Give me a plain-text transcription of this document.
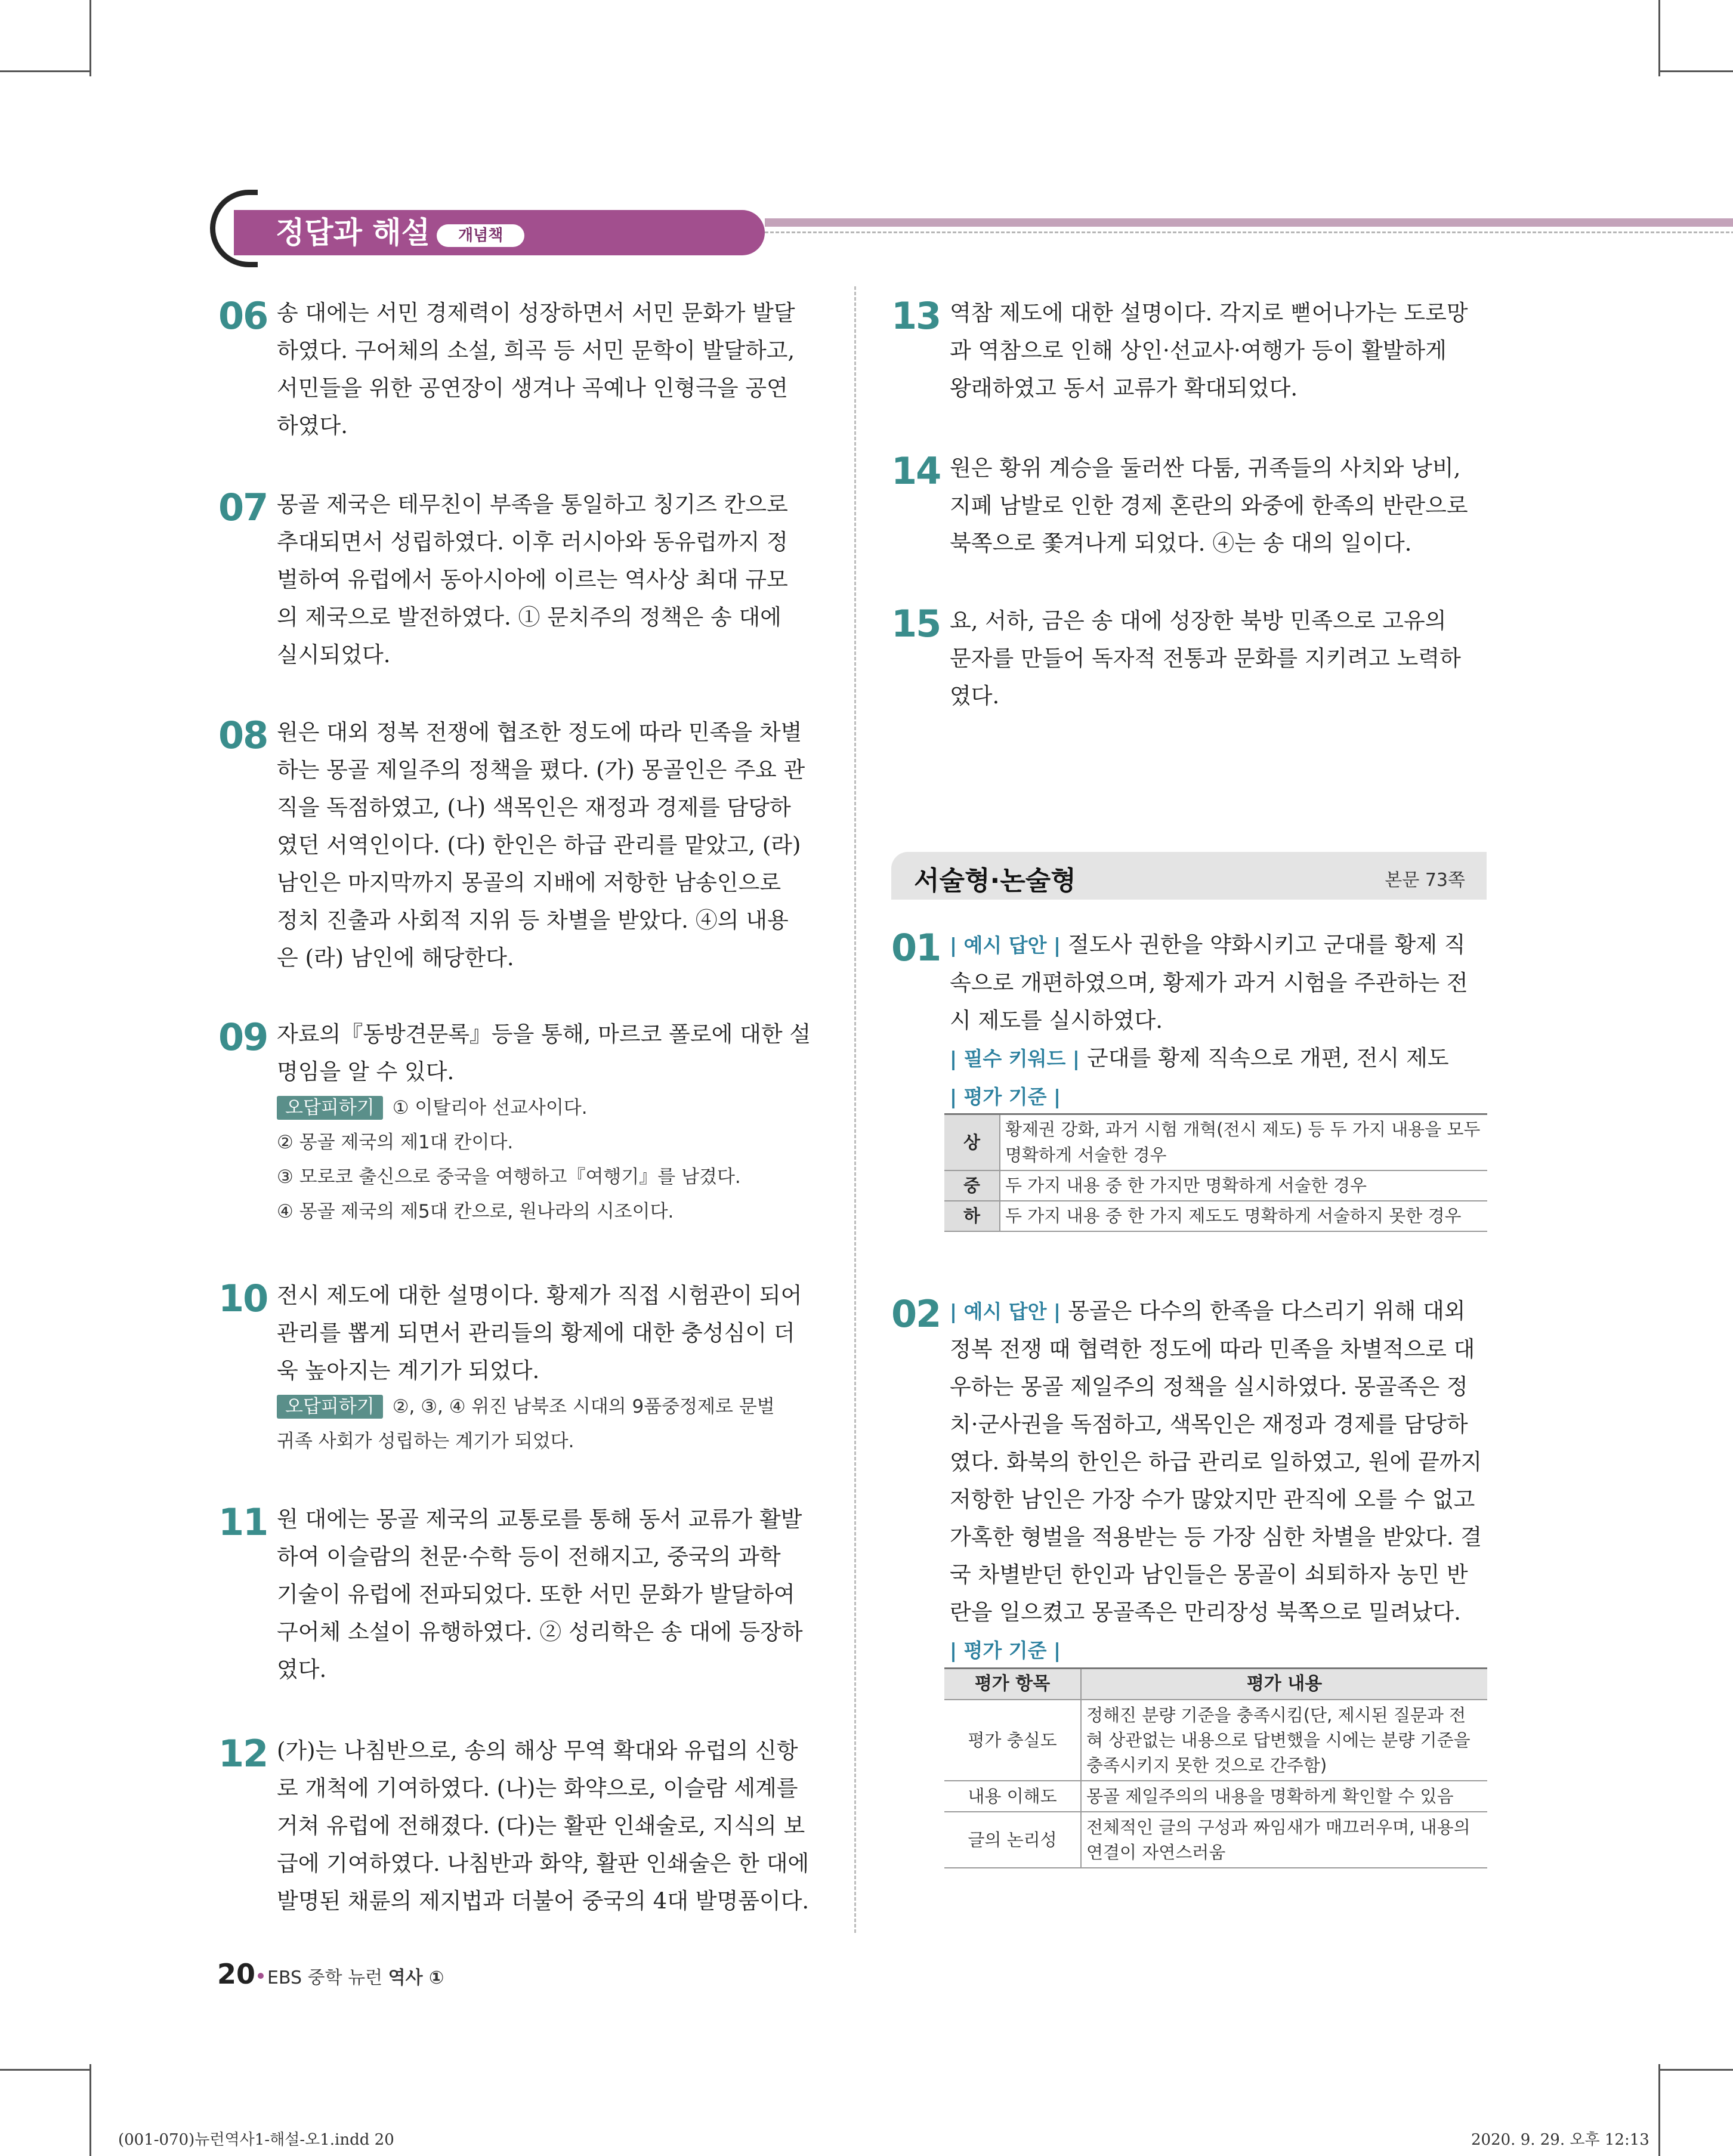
정답과 해설	개념책
06 송 대에는 서민 경제력이 성장하면서 서민 문화가 발달
하였다. 구어체의 소설, 희곡 등 서민 문학이 발달하고,
서민들을 위한 공연장이 생겨나 곡예나 인형극을 공연
하였다.
07 몽골 제국은 테무친이 부족을 통일하고 칭기즈 칸으로
추대되면서 성립하였다. 이후 러시아와 동유럽까지 정
벌하여 유럽에서 동아시아에 이르는 역사상 최대 규모
의 제국으로 발전하였다. ① 문치주의 정책은 송 대에
실시되었다.
08 원은 대외 정복 전쟁에 협조한 정도에 따라 민족을 차별
하는 몽골 제일주의 정책을 폈다. (가) 몽골인은 주요 관
직을 독점하였고, (나) 색목인은 재정과 경제를 담당하
였던 서역인이다. (다) 한인은 하급 관리를 맡았고, (라)
남인은 마지막까지 몽골의 지배에 저항한 남송인으로
정치 진출과 사회적 지위 등 차별을 받았다. ④의 내용
은 (라) 남인에 해당한다.
09 자료의『동방견문록』등을 통해, 마르코 폴로에 대한 설
명임을 알 수 있다.
오답피하기 ① 이탈리아 선교사이다.
② 몽골 제국의 제1대 칸이다.
③ 모로코 출신으로 중국을 여행하고『여행기』를 남겼다.
④ 몽골 제국의 제5대 칸으로, 원나라의 시조이다.
10 전시 제도에 대한 설명이다. 황제가 직접 시험관이 되어
관리를 뽑게 되면서 관리들의 황제에 대한 충성심이 더
욱 높아지는 계기가 되었다.
오답피하기 ②, ③, ④ 위진 남북조 시대의 9품중정제로 문벌
귀족 사회가 성립하는 계기가 되었다.
11 원 대에는 몽골 제국의 교통로를 통해 동서 교류가 활발
하여 이슬람의 천문·수학 등이 전해지고, 중국의 과학
기술이 유럽에 전파되었다. 또한 서민 문화가 발달하여
구어체 소설이 유행하였다. ② 성리학은 송 대에 등장하
였다.
12 (가)는 나침반으로, 송의 해상 무역 확대와 유럽의 신항
로 개척에 기여하였다. (나)는 화약으로, 이슬람 세계를
거쳐 유럽에 전해졌다. (다)는 활판 인쇄술로, 지식의 보
급에 기여하였다. 나침반과 화약, 활판 인쇄술은 한 대에
발명된 채륜의 제지법과 더불어 중국의 4대 발명품이다.
13 역참 제도에 대한 설명이다. 각지로 뻗어나가는 도로망
과 역참으로 인해 상인·선교사·여행가 등이 활발하게
왕래하였고 동서 교류가 확대되었다.
14 원은 황위 계승을 둘러싼 다툼, 귀족들의 사치와 낭비,
지폐 남발로 인한 경제 혼란의 와중에 한족의 반란으로
북쪽으로 쫓겨나게 되었다. ④는 송 대의 일이다.
15 요, 서하, 금은 송 대에 성장한 북방 민족으로 고유의
문자를 만들어 독자적 전통과 문화를 지키려고 노력하
였다.
서술형·논술형	본문 73쪽
01 | 예시 답안 | 절도사 권한을 약화시키고 군대를 황제 직
속으로 개편하였으며, 황제가 과거 시험을 주관하는 전
시 제도를 실시하였다.
| 필수 키워드 | 군대를 황제 직속으로 개편, 전시 제도
| 평가 기준 |
상	황제권 강화, 과거 시험 개혁(전시 제도) 등 두 가지 내용을 모두 명확하게 서술한 경우
중	두 가지 내용 중 한 가지만 명확하게 서술한 경우
하	두 가지 내용 중 한 가지 제도도 명확하게 서술하지 못한 경우
02 | 예시 답안 | 몽골은 다수의 한족을 다스리기 위해 대외
정복 전쟁 때 협력한 정도에 따라 민족을 차별적으로 대
우하는 몽골 제일주의 정책을 실시하였다. 몽골족은 정
치·군사권을 독점하고, 색목인은 재정과 경제를 담당하
였다. 화북의 한인은 하급 관리로 일하였고, 원에 끝까지
저항한 남인은 가장 수가 많았지만 관직에 오를 수 없고
가혹한 형벌을 적용받는 등 가장 심한 차별을 받았다. 결
국 차별받던 한인과 남인들은 몽골이 쇠퇴하자 농민 반
란을 일으켰고 몽골족은 만리장성 북쪽으로 밀려났다.
| 평가 기준 |
평가 항목	평가 내용
평가 충실도	정해진 분량 기준을 충족시킴(단, 제시된 질문과 전혀 상관없는 내용으로 답변했을 시에는 분량 기준을 충족시키지 못한 것으로 간주함)
내용 이해도	몽골 제일주의의 내용을 명확하게 확인할 수 있음
글의 논리성	전체적인 글의 구성과 짜임새가 매끄러우며, 내용의 연결이 자연스러움
20 EBS 중학 뉴런 역사 ①
(001-070)뉴런역사1-해설-오1.indd 20	2020. 9. 29. 오후 12:13
